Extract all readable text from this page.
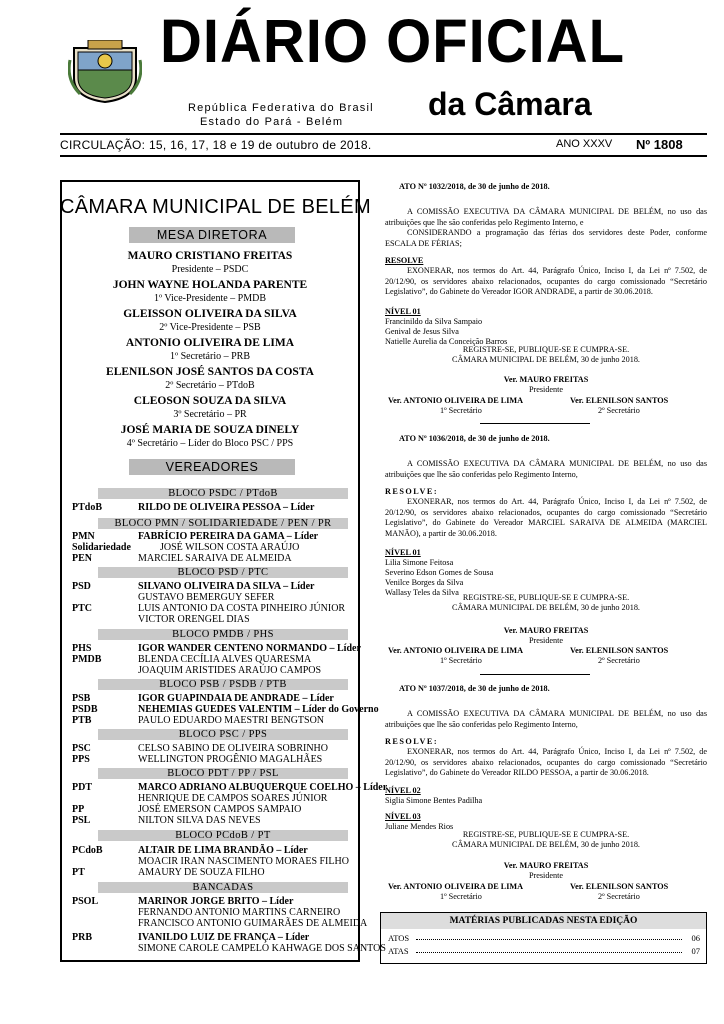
DIÁRIO OFICIAL
da Câmara
República Federativa do Brasil
Estado do Pará - Belém
CIRCULAÇÃO: 15, 16, 17, 18 e 19 de outubro de 2018.	ANO XXXV Nº 1808
CÂMARA MUNICIPAL DE BELÉM
MESA DIRETORA
MAURO CRISTIANO FREITAS
Presidente – PSDC
JOHN WAYNE HOLANDA PARENTE
1º Vice-Presidente – PMDB
GLEISSON OLIVEIRA DA SILVA
2º Vice-Presidente – PSB
ANTONIO OLIVEIRA DE LIMA
1º Secretário – PRB
ELENILSON JOSÉ SANTOS DA COSTA
2º Secretário – PTdoB
CLEOSON SOUZA DA SILVA
3º Secretário – PR
JOSÉ MARIA DE SOUZA DINELY
4º Secretário – Líder do Bloco PSC / PPS
VEREADORES
BLOCO PSDC / PTdoB
PTdoB	RILDO DE OLIVEIRA PESSOA – Líder
BLOCO PMN / SOLIDARIEDADE / PEN / PR
PMN	FABRÍCIO PEREIRA DA GAMA – Líder
Solidariedade	JOSÉ WILSON COSTA ARAÚJO
PEN	MARCIEL SARAIVA DE ALMEIDA
BLOCO PSD / PTC
PSD	SILVANO OLIVEIRA DA SILVA – Líder
GUSTAVO BEMERGUY SEFER
PTC	LUIS ANTONIO DA COSTA PINHEIRO JÚNIOR
VICTOR ORENGEL DIAS
BLOCO PMDB / PHS
PHS	IGOR WANDER CENTENO NORMANDO – Líder
PMDB	BLENDA CECÍLIA ALVES QUARESMA
JOAQUIM ARISTIDES ARAÚJO CAMPOS
BLOCO PSB / PSDB / PTB
PSB	IGOR GUAPINDAIA DE ANDRADE – Líder
PSDB	NEHEMIAS GUEDES VALENTIM – Líder do Governo
PTB	PAULO EDUARDO MAESTRI BENGTSON
BLOCO PSC / PPS
PSC	CELSO SABINO DE OLIVEIRA SOBRINHO
PPS	WELLINGTON PROGÊNIO MAGALHÃES
BLOCO PDT / PP / PSL
PDT	MARCO ADRIANO ALBUQUERQUE COELHO – Líder
HENRIQUE DE CAMPOS SOARES JÚNIOR
PP	JOSÉ EMERSON CAMPOS SAMPAIO
PSL	NILTON SILVA DAS NEVES
BLOCO PCdoB / PT
PCdoB	ALTAIR DE LIMA BRANDÃO – Líder
MOACIR IRAN NASCIMENTO MORAES FILHO
PT	AMAURY DE SOUZA FILHO
BANCADAS
PSOL	MARINOR JORGE BRITO – Líder
FERNANDO ANTONIO MARTINS CARNEIRO
FRANCISCO ANTONIO GUIMARÃES DE ALMEIDA
PRB	IVANILDO LUIZ DE FRANÇA – Líder
SIMONE CAROLE CAMPELO KAHWAGE DOS SANTOS
ATO Nº 1032/2018, de 30 de junho de 2018.

A COMISSÃO EXECUTIVA DA CÂMARA MUNICIPAL DE BELÉM, no uso das atribuições que lhe são conferidas pelo Regimento Interno, e

CONSIDERANDO a programação das férias dos servidores deste Poder, conforme ESCALA DE FÉRIAS;

RESOLVE

EXONERAR, nos termos do Art. 44, Parágrafo Único, Inciso I, da Lei nº 7.502, de 20/12/90, os servidores abaixo relacionados, ocupantes do cargo comissionado “Secretário Legislativo”, do Gabinete do Vereador IGOR ANDRADE, a partir de 30.06.2018.

NÍVEL 01
Francinildo da Silva Sampaio
Genival de Jesus Silva
Natielle Aurelia da Conceição Barros
REGISTRE-SE, PUBLIQUE-SE E CUMPRA-SE.
CÂMARA MUNICIPAL DE BELÉM, 30 de junho 2018.
Ver. MAURO FREITAS
Presidente
Ver. ANTONIO OLIVEIRA DE LIMA
1º Secretário
Ver. ELENILSON SANTOS
2º Secretário
ATO Nº 1036/2018, de 30 de junho de 2018.

A COMISSÃO EXECUTIVA DA CÂMARA MUNICIPAL DE BELÉM, no uso das atribuições que lhe são conferidas pelo Regimento Interno,

RESOLVE:

EXONERAR, nos termos do Art. 44, Parágrafo Único, Inciso I, da Lei nº 7.502, de 20/12/90, os servidores abaixo relacionados, ocupantes do cargo comissionado “Secretário Legislativo”, do Gabinete do Vereador MARCIEL SARAIVA DE ALMEIDA (MARCIEL MANÃO), a partir de 30.06.2018.

NÍVEL 01
Lilia Simone Feitosa
Severino Edson Gomes de Sousa
Venilce Borges da Silva
Wallasy Teles da Silva
REGISTRE-SE, PUBLIQUE-SE E CUMPRA-SE.
CÂMARA MUNICIPAL DE BELÉM, 30 de junho 2018.
Ver. MAURO FREITAS
Presidente
Ver. ANTONIO OLIVEIRA DE LIMA
1º Secretário
Ver. ELENILSON SANTOS
2º Secretário
ATO Nº 1037/2018, de 30 de junho de 2018.

A COMISSÃO EXECUTIVA DA CÂMARA MUNICIPAL DE BELÉM, no uso das atribuições que lhe são conferidas pelo Regimento Interno,

RESOLVE:

EXONERAR, nos termos do Art. 44, Parágrafo Único, Inciso I, da Lei nº 7.502, de 20/12/90, os servidores abaixo relacionados, ocupantes do cargo comissionado “Secretário Legislativo”, do Gabinete do Vereador RILDO PESSOA, a partir de 30.06.2018.

NÍVEL 02
Siglia Simone Bentes Padilha
NÍVEL 03
Juliane Mendes Rios
REGISTRE-SE, PUBLIQUE-SE E CUMPRA-SE.
CÂMARA MUNICIPAL DE BELÉM, 30 de junho 2018.
Ver. MAURO FREITAS
Presidente
Ver. ANTONIO OLIVEIRA DE LIMA
1º Secretário
Ver. ELENILSON SANTOS
2º Secretário
MATÉRIAS PUBLICADAS NESTA EDIÇÃO
ATOS	06
ATAS	07
